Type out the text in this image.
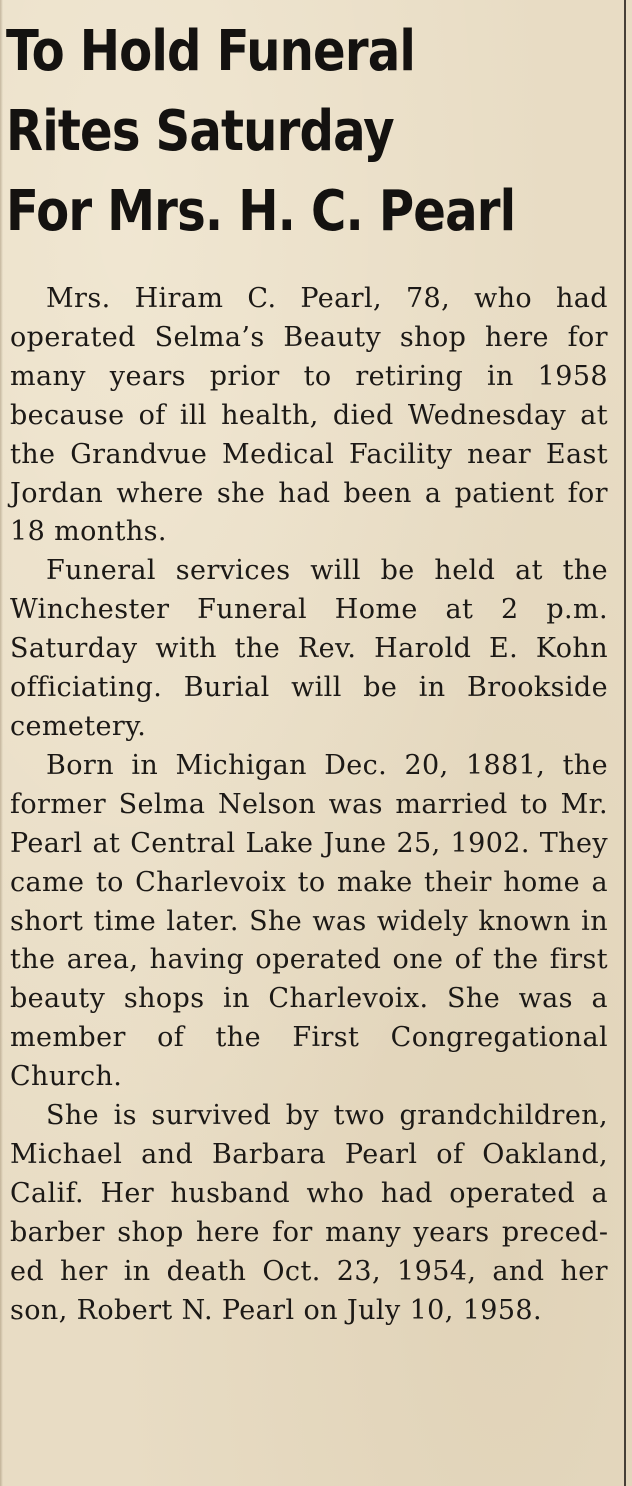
To Hold Funeral
Rites Saturday
For Mrs. H. C. Pearl

Mrs. Hiram C. Pearl, 78, who had operated Selma’s Beauty shop here for many years prior to retiring in 1958 because of ill health, died Wednesday at the Grandvue Medical Facility near East Jordan where she had been a patient for 18 months.

Funeral services will be held at the Winchester Funeral Home at 2 p.m. Saturday with the Rev. Harold E. Kohn officiating. Burial will be in Brookside cemetery.

Born in Michigan Dec. 20, 1881, the former Selma Nelson was married to Mr. Pearl at Central Lake June 25, 1902. They came to Charlevoix to make their home a short time later. She was widely known in the area, having operated one of the first beauty shops in Charlevoix. She was a member of the First Congregational Church.

She is survived by two grandchildren, Michael and Barbara Pearl of Oakland, Calif. Her husband who had operated a barber shop here for many years preceded her in death Oct. 23, 1954, and her son, Robert N. Pearl on July 10, 1958.
